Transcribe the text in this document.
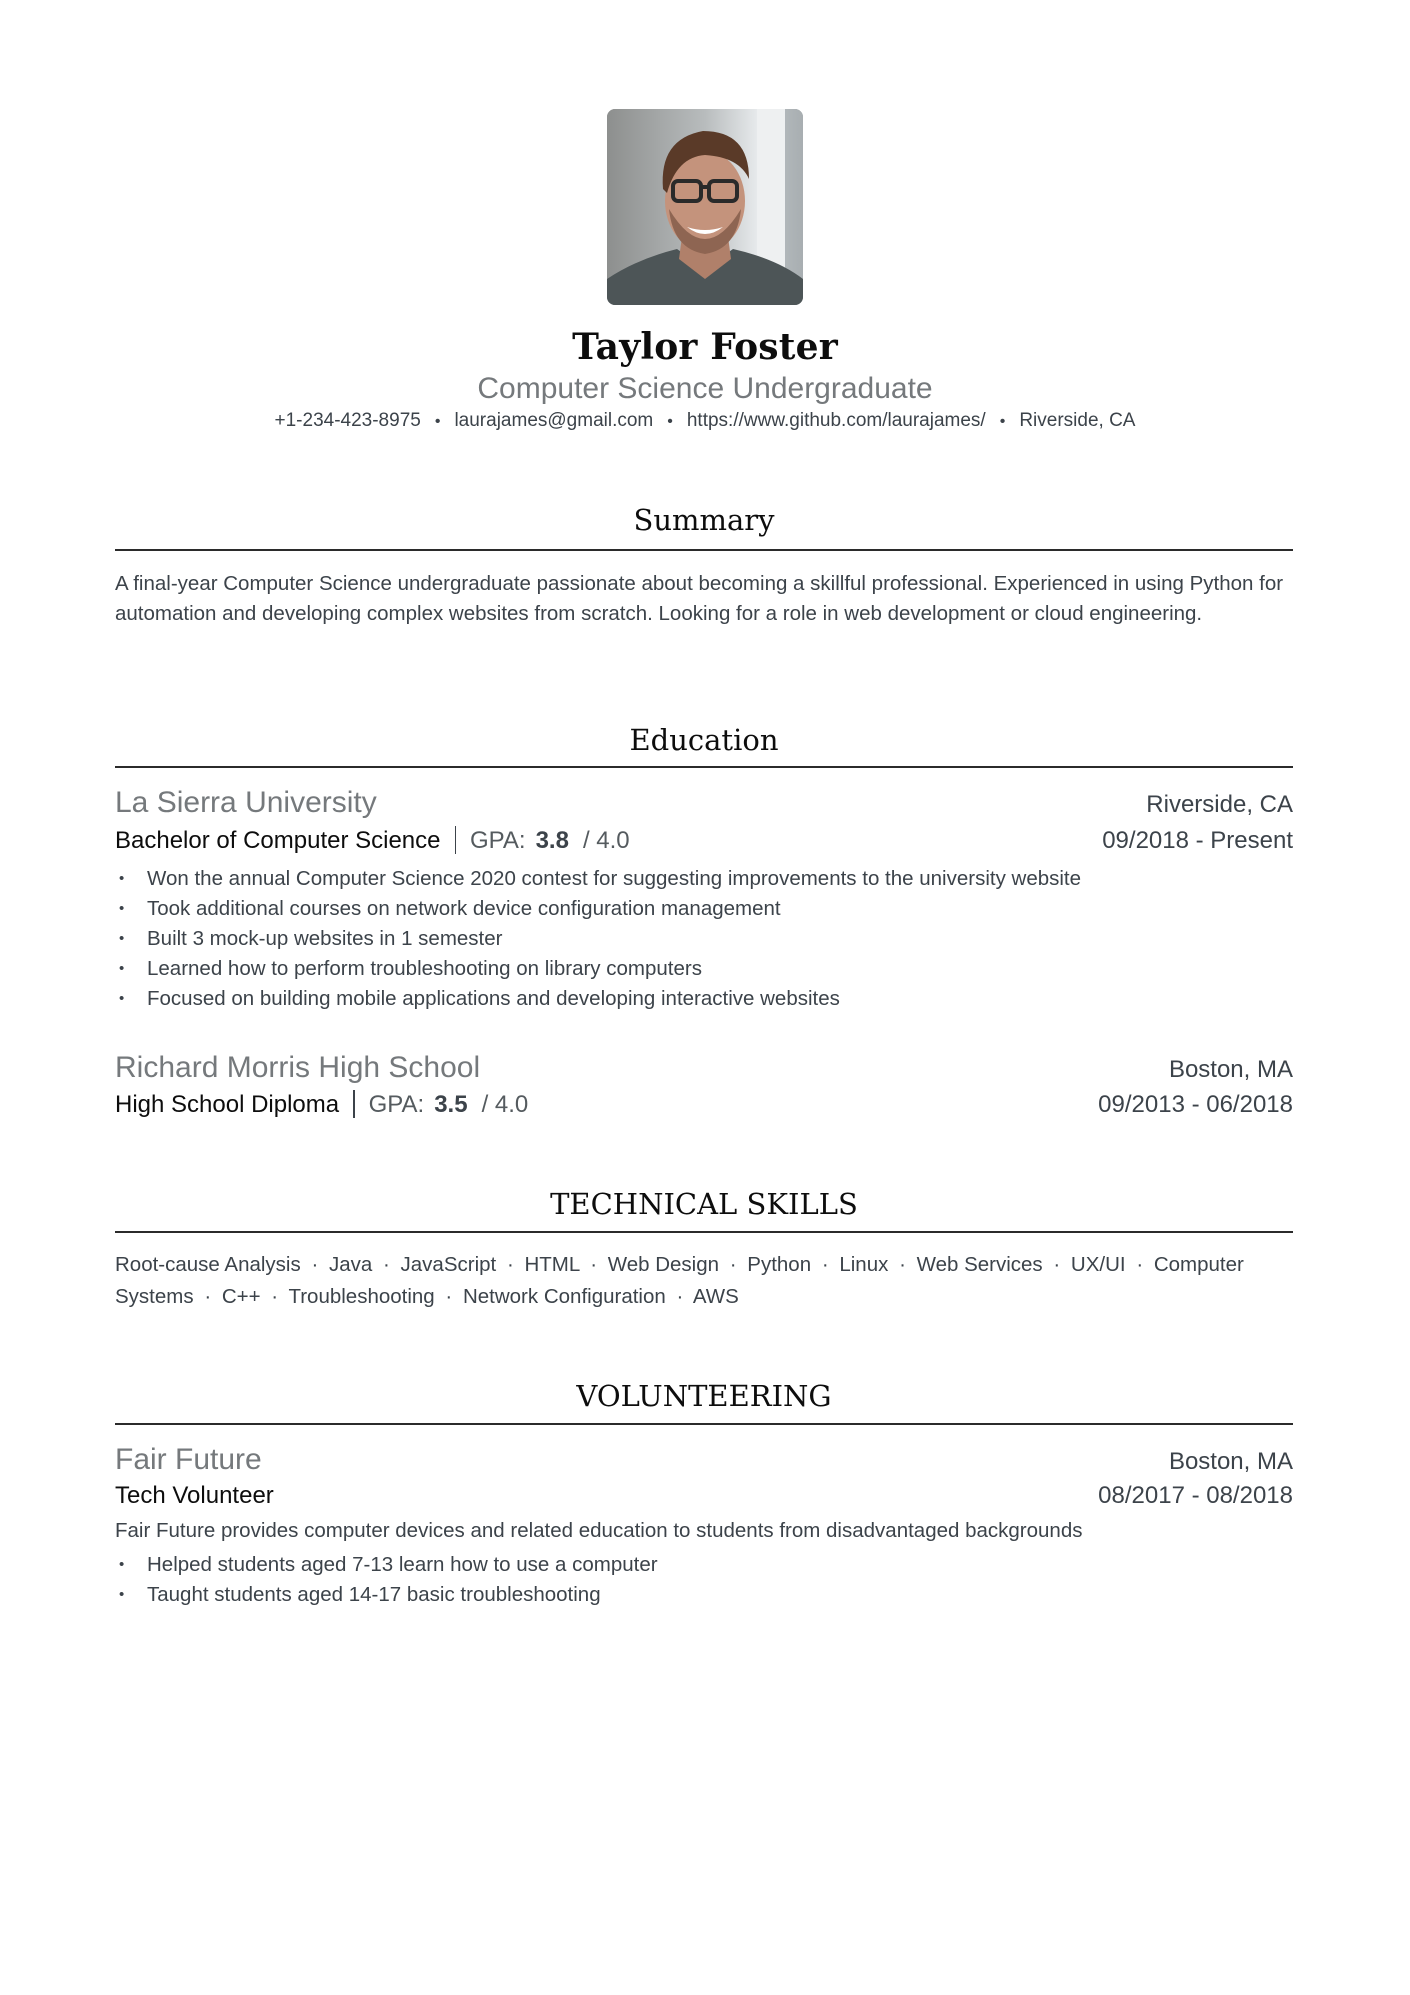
Taylor Foster
Computer Science Undergraduate
+1-234-423-8975 • laurajames@gmail.com • https://www.github.com/laurajames/ • Riverside, CA
Summary
A final-year Computer Science undergraduate passionate about becoming a skillful professional. Experienced in using Python for automation and developing complex websites from scratch. Looking for a role in web development or cloud engineering.
Education
La Sierra University	Riverside, CA
Bachelor of Computer Science GPA: 3.8 / 4.0	09/2018 - Present
• Won the annual Computer Science 2020 contest for suggesting improvements to the university website
• Took additional courses on network device configuration management
• Built 3 mock-up websites in 1 semester
• Learned how to perform troubleshooting on library computers
• Focused on building mobile applications and developing interactive websites
Richard Morris High School	Boston, MA
High School Diploma GPA: 3.5 / 4.0	09/2013 - 06/2018
TECHNICAL SKILLS
Root-cause Analysis · Java · JavaScript · HTML · Web Design · Python · Linux · Web Services · UX/UI · Computer Systems · C++ · Troubleshooting · Network Configuration · AWS
VOLUNTEERING
Fair Future	Boston, MA
Tech Volunteer	08/2017 - 08/2018
Fair Future provides computer devices and related education to students from disadvantaged backgrounds
• Helped students aged 7-13 learn how to use a computer
• Taught students aged 14-17 basic troubleshooting
